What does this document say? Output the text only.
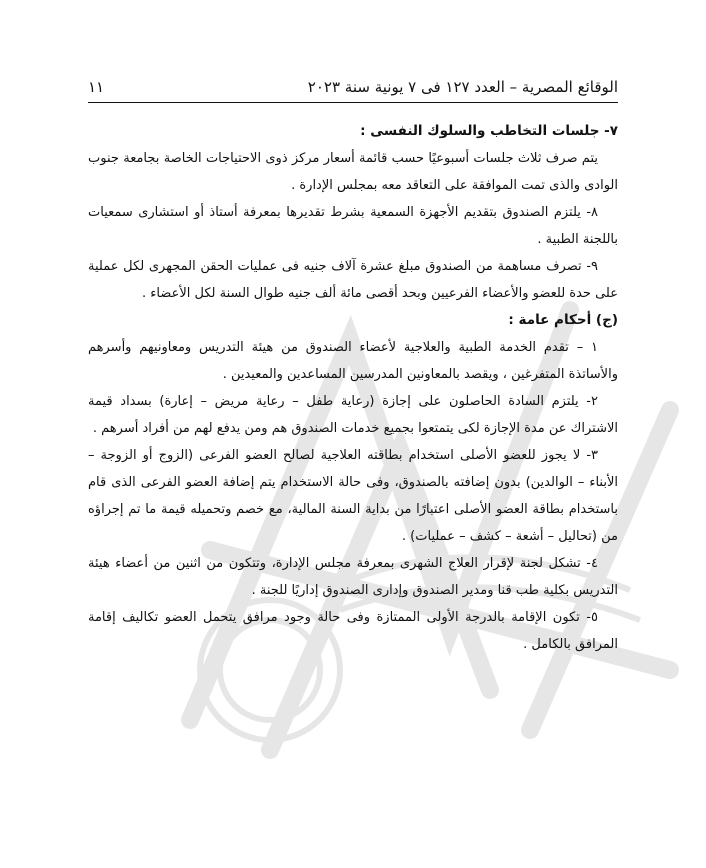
الوقائع المصرية – العدد ١٢٧ فى ٧ يونية سنة ٢٠٢٣
١١
٧- جلسات التخاطب والسلوك النفسى :

يتم صرف ثلاث جلسات أسبوعيًا حسب قائمة أسعار مركز ذوى الاحتياجات الخاصة بجامعة جنوب الوادى والذى تمت الموافقة على التعاقد معه بمجلس الإدارة .

٨- يلتزم الصندوق بتقديم الأجهزة السمعية بشرط تقديرها بمعرفة أستاذ أو استشارى سمعيات باللجنة الطبية .

٩- تصرف مساهمة من الصندوق مبلغ عشرة آلاف جنيه فى عمليات الحقن المجهرى لكل عملية على حدة للعضو والأعضاء الفرعيين وبحد أقصى مائة ألف جنيه طوال السنة لكل الأعضاء .

(ج) أحكام عامة :

١ – تقدم الخدمة الطبية والعلاجية لأعضاء الصندوق من هيئة التدريس ومعاونيهم وأسرهم والأساتذة المتفرغين ، ويقصد بالمعاونين المدرسين المساعدين والمعيدين .

٢- يلتزم السادة الحاصلون على إجازة (رعاية طفل – رعاية مريض – إعارة) بسداد قيمة الاشتراك عن مدة الإجازة لكى يتمتعوا بجميع خدمات الصندوق هم ومن يدفع لهم من أفراد أسرهم .

٣- لا يجوز للعضو الأصلى استخدام بطاقته العلاجية لصالح العضو الفرعى (الزوج أو الزوجة – الأبناء – الوالدين) بدون إضافته بالصندوق، وفى حالة الاستخدام يتم إضافة العضو الفرعى الذى قام باستخدام بطاقة العضو الأصلى اعتبارًا من بداية السنة المالية، مع خصم وتحميله قيمة ما تم إجراؤه من (تحاليل – أشعة – كشف – عمليات) .

٤- تشكل لجنة لإقرار العلاج الشهرى بمعرفة مجلس الإدارة، وتتكون من اثنين من أعضاء هيئة التدريس بكلية طب قنا ومدير الصندوق وإدارى الصندوق إداريًا للجنة .

٥- تكون الإقامة بالدرجة الأولى الممتازة وفى حالة وجود مرافق يتحمل العضو تكاليف إقامة المرافق بالكامل .
